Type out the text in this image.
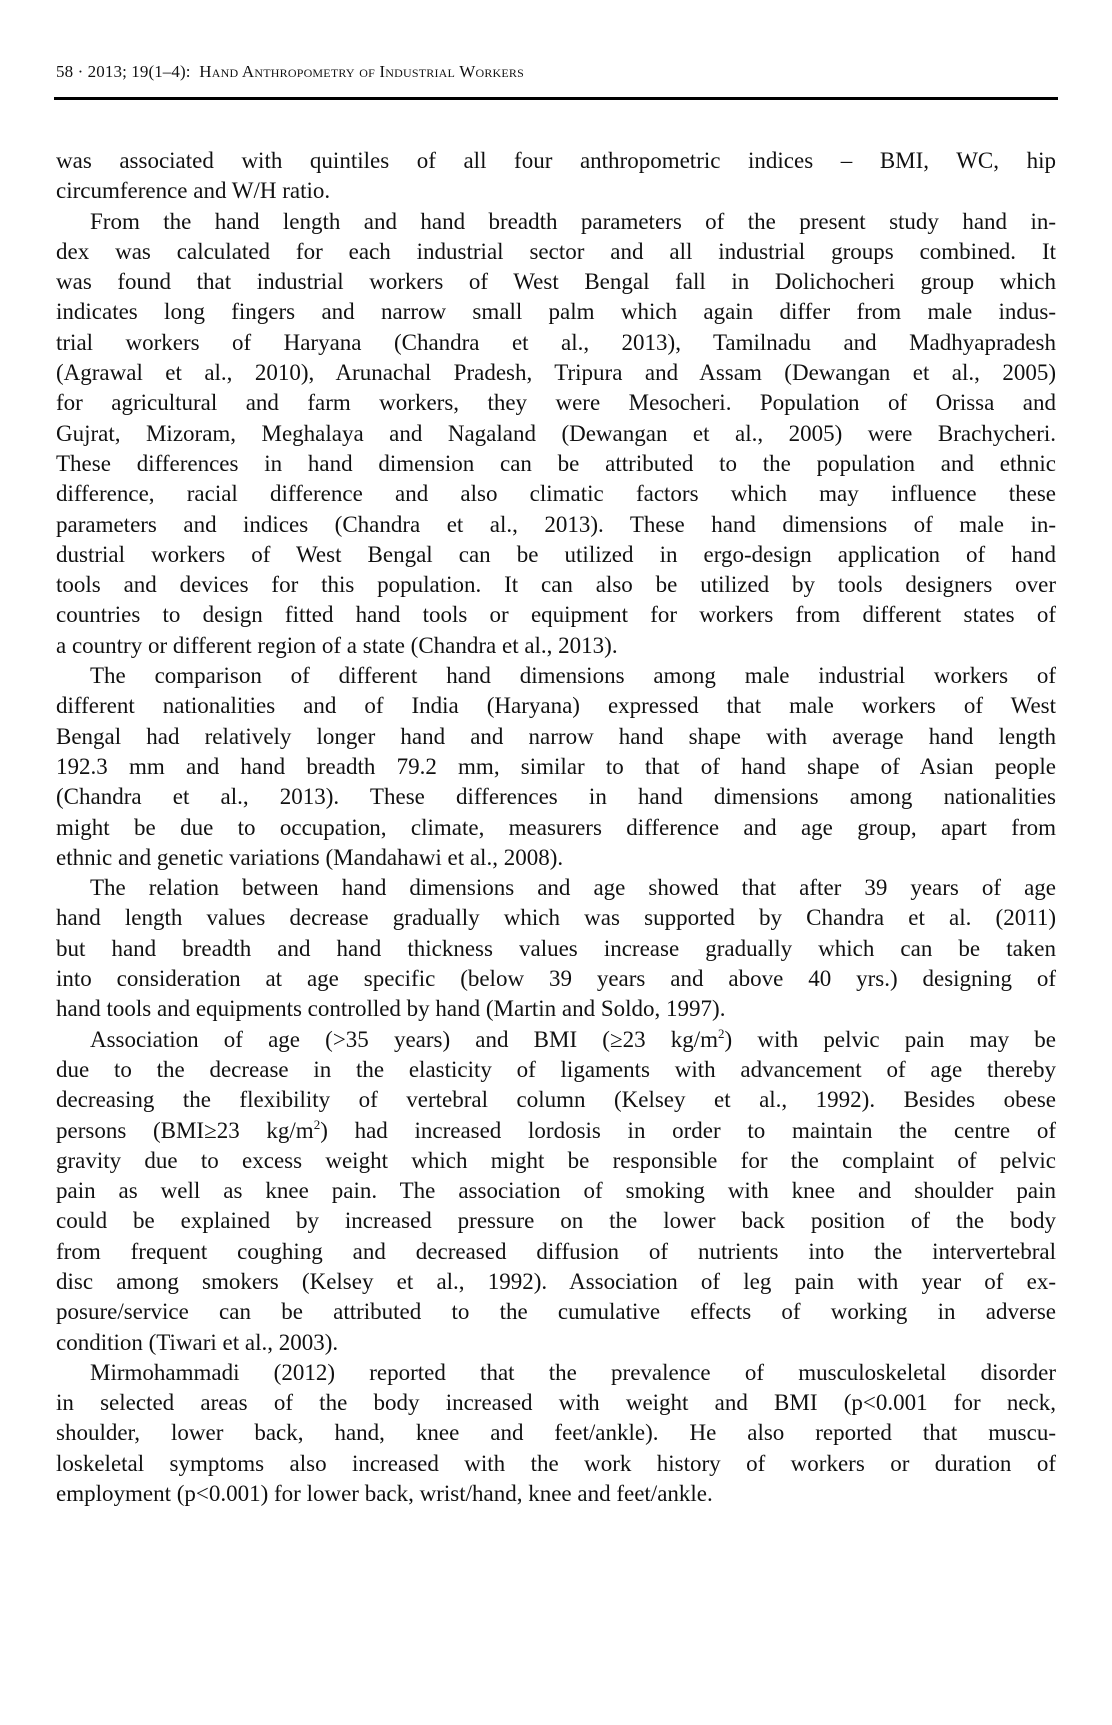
58 · 2013; 19(1–4): Hand Anthropometry of Industrial Workers
was associated with quintiles of all four anthropometric indices – BMI, WC, hip
circumference and W/H ratio.
From the hand length and hand breadth parameters of the present study hand in-
dex was calculated for each industrial sector and all industrial groups combined. It
was found that industrial workers of West Bengal fall in Dolichocheri group which
indicates long fingers and narrow small palm which again differ from male indus-
trial workers of Haryana (Chandra et al., 2013), Tamilnadu and Madhyapradesh
(Agrawal et al., 2010), Arunachal Pradesh, Tripura and Assam (Dewangan et al., 2005)
for agricultural and farm workers, they were Mesocheri. Population of Orissa and
Gujrat, Mizoram, Meghalaya and Nagaland (Dewangan et al., 2005) were Brachycheri.
These differences in hand dimension can be attributed to the population and ethnic
difference, racial difference and also climatic factors which may influence these
parameters and indices (Chandra et al., 2013). These hand dimensions of male in-
dustrial workers of West Bengal can be utilized in ergo-design application of hand
tools and devices for this population. It can also be utilized by tools designers over
countries to design fitted hand tools or equipment for workers from different states of
a country or different region of a state (Chandra et al., 2013).
The comparison of different hand dimensions among male industrial workers of
different nationalities and of India (Haryana) expressed that male workers of West
Bengal had relatively longer hand and narrow hand shape with average hand length
192.3 mm and hand breadth 79.2 mm, similar to that of hand shape of Asian people
(Chandra et al., 2013). These differences in hand dimensions among nationalities
might be due to occupation, climate, measurers difference and age group, apart from
ethnic and genetic variations (Mandahawi et al., 2008).
The relation between hand dimensions and age showed that after 39 years of age
hand length values decrease gradually which was supported by Chandra et al. (2011)
but hand breadth and hand thickness values increase gradually which can be taken
into consideration at age specific (below 39 years and above 40 yrs.) designing of
hand tools and equipments controlled by hand (Martin and Soldo, 1997).
Association of age (>35 years) and BMI (≥23 $kg/m^2$) with pelvic pain may be
due to the decrease in the elasticity of ligaments with advancement of age thereby
decreasing the flexibility of vertebral column (Kelsey et al., 1992). Besides obese
persons (BMI≥23 $kg/m^2$) had increased lordosis in order to maintain the centre of
gravity due to excess weight which might be responsible for the complaint of pelvic
pain as well as knee pain. The association of smoking with knee and shoulder pain
could be explained by increased pressure on the lower back position of the body
from frequent coughing and decreased diffusion of nutrients into the intervertebral
disc among smokers (Kelsey et al., 1992). Association of leg pain with year of ex-
posure/service can be attributed to the cumulative effects of working in adverse
condition (Tiwari et al., 2003).
Mirmohammadi (2012) reported that the prevalence of musculoskeletal disorder
in selected areas of the body increased with weight and BMI (p<0.001 for neck,
shoulder, lower back, hand, knee and feet/ankle). He also reported that muscu-
loskeletal symptoms also increased with the work history of workers or duration of
employment (p<0.001) for lower back, wrist/hand, knee and feet/ankle.
